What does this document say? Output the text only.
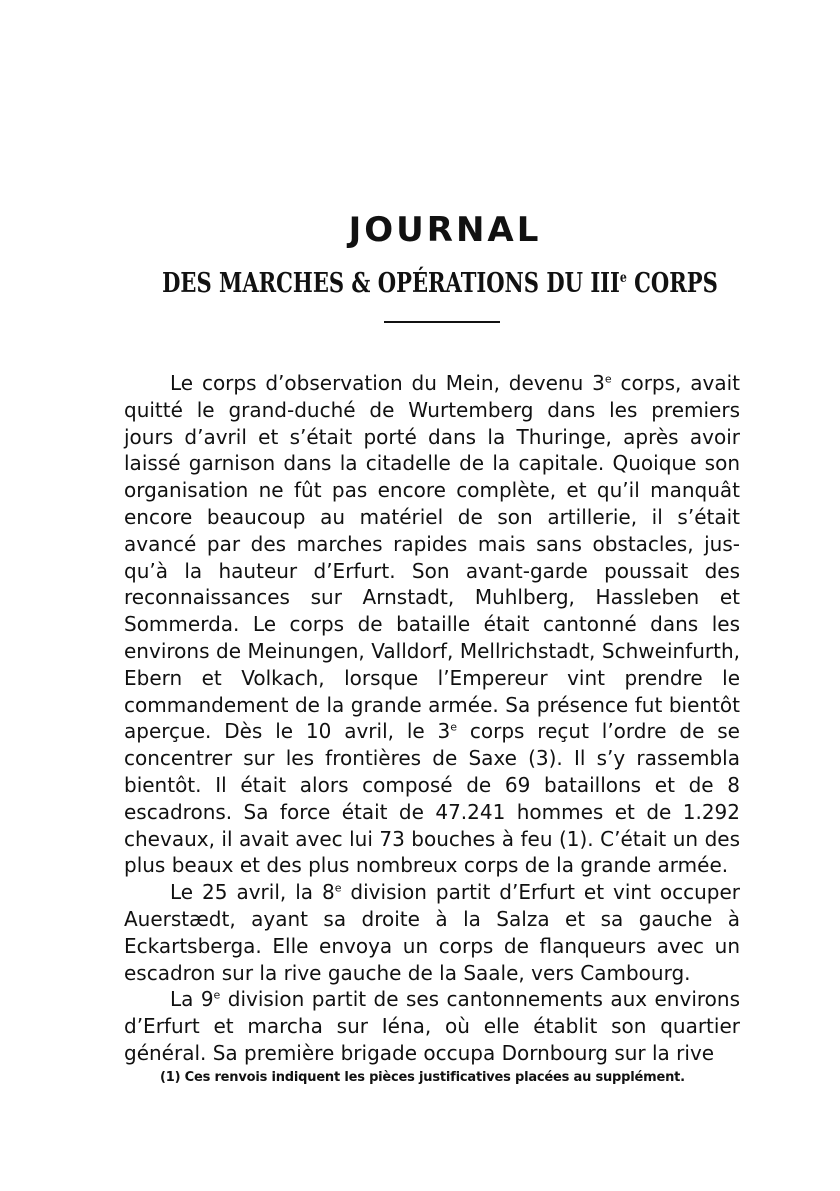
JOURNAL
DES MARCHES & OPÉRATIONS DU IIIe CORPS

Le corps d’observation du Mein, devenu 3e corps, avait quitté le grand-duché de Wurtemberg dans les premiers jours d’avril et s’était porté dans la Thuringe, après avoir laissé garnison dans la citadelle de la capitale. Quoique son organisation ne fût pas encore complète, et qu’il manquât encore beaucoup au matériel de son artillerie, il s’était avancé par des marches rapides mais sans obstacles, jus-qu’à la hauteur d’Erfurt. Son avant-garde poussait des reconnaissances sur Arnstadt, Muhlberg, Hassleben et Sommerda. Le corps de bataille était cantonné dans les environs de Meinungen, Valldorf, Mellrichstadt, Schweinfurth, Ebern et Volkach, lorsque l’Empereur vint prendre le commandement de la grande armée. Sa présence fut bientôt aperçue. Dès le 10 avril, le 3e corps reçut l’ordre de se concentrer sur les frontières de Saxe (3). Il s’y rassembla bientôt. Il était alors composé de 69 bataillons et de 8 escadrons. Sa force était de 47.241 hommes et de 1.292 chevaux, il avait avec lui 73 bouches à feu (1). C’était un des plus beaux et des plus nombreux corps de la grande armée.

Le 25 avril, la 8e division partit d’Erfurt et vint occuper Auerstædt, ayant sa droite à la Salza et sa gauche à Eckartsberga. Elle envoya un corps de flanqueurs avec un escadron sur la rive gauche de la Saale, vers Cambourg.

La 9e division partit de ses cantonnements aux environs d’Erfurt et marcha sur Iéna, où elle établit son quartier général. Sa première brigade occupa Dornbourg sur la rive

(1) Ces renvois indiquent les pièces justificatives placées au supplément.
